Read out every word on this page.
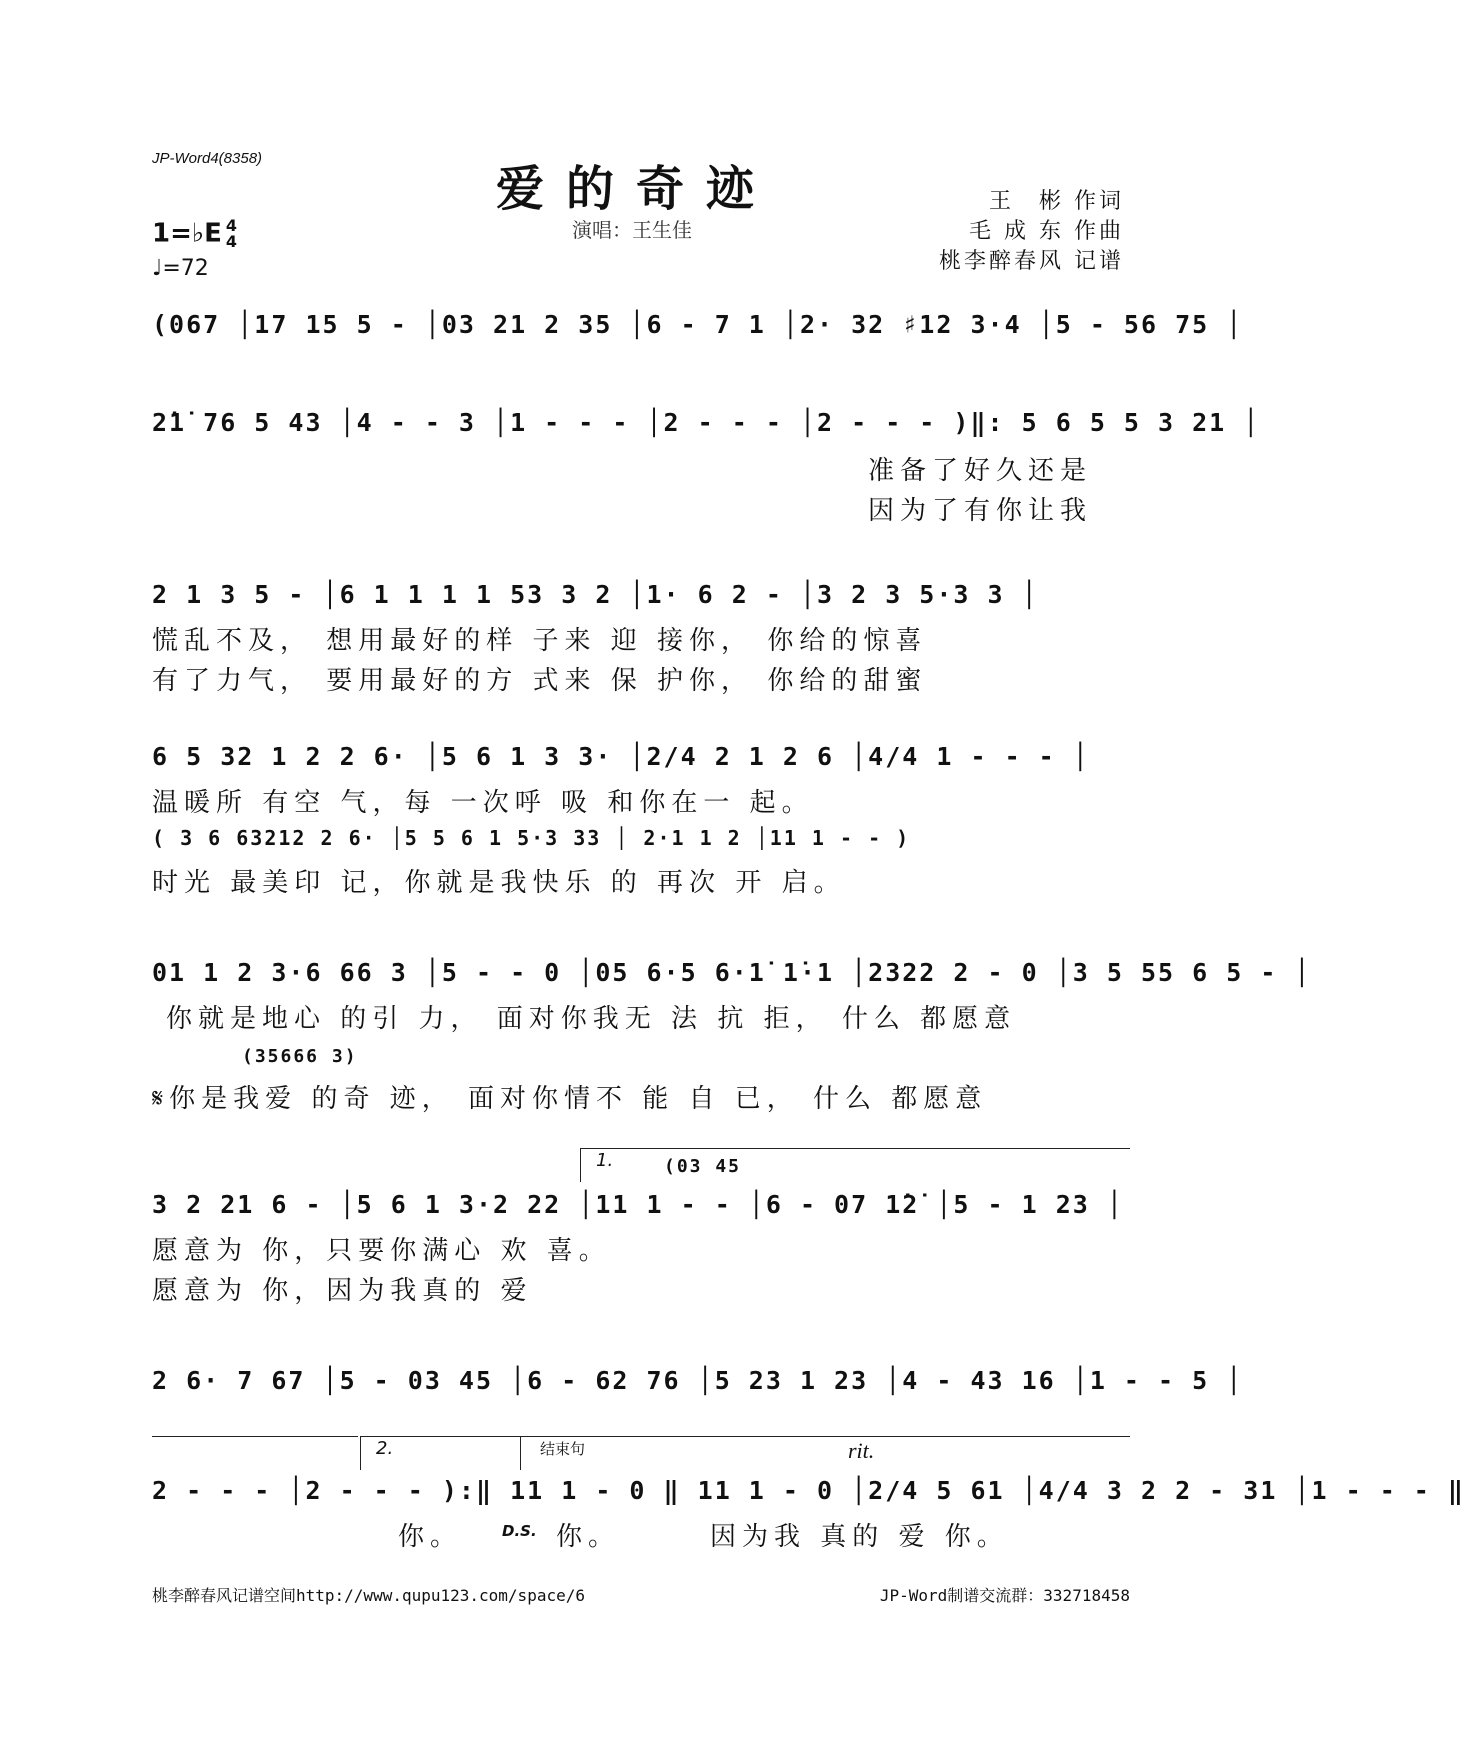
JP-Word4(8358)
爱的奇迹
演唱：王生佳
王　彬 作词
毛 成 东 作曲
桃李醉春风 记谱
1=♭E 4
4
♩=72
(067 │17 15 5 - │03 21 2 35 │6 - 7 1 │2· 32 ♯12 3·4 │5 - 56 75 │
2̇1̇ 76 5 43 │4 - - 3 │1 - - - │2 - - - │2 - - - )‖: 5 6 5 5 3 21 │
准备了好久还是
因为了有你让我
2 1 3 5 - │6 1 1 1 1 53 3 2 │1· 6 2 - │3 2 3 5·3 3 │
慌乱不及， 想用最好的样 子来 迎 接你， 你给的惊喜
有了力气， 要用最好的方 式来 保 护你， 你给的甜蜜
6 5 32 1 2 2 6· │5 6 1 3 3· │2/4 2 1 2 6 │4/4 1 - - - │
温暖所 有空 气，每 一次呼 吸 和你在一 起。
( 3 6 63212 2 6· │5 5 6 1 5·3 33 │ 2·1 1 2 │11 1 - - )
时光 最美印 记，你就是我快乐 的 再次 开 启。
01 1 2 3·6 66 3 │5 - - 0 │05 6·5 6·1̇ 1̇·1 │2322 2 - 0 │3 5 55 6 5 - │
你就是地心 的引 力， 面对你我无 法 抗 拒， 什么 都愿意
(35666 3)
𝄋你是我爱 的奇 迹， 面对你情不 能 自 已， 什么 都愿意
1.	(03 45
3 2 21 6 - │5 6 1 3·2 22 │11 1 - - │6 - 07 1̇2̇ │5 - 1 23 │
愿意为 你，只要你满心 欢 喜。
愿意为 你，因为我真的 爱
2 6· 7 67 │5 - 03 45 │6 - 62 76 │5 23 1 23 │4 - 43 16 │1 - - 5 │
2.	结束句	rit.
2 - - - │2 - - - ):‖ 11 1 - 0 ‖ 11 1 - 0 │2/4 5 61 │4/4 3 2 2 - 31 │1 - - - ‖
你。	D.S. 你。	因为我 真的 爱 你。
桃李醉春风记谱空间http://www.qupu123.com/space/6	JP-Word制谱交流群：332718458
